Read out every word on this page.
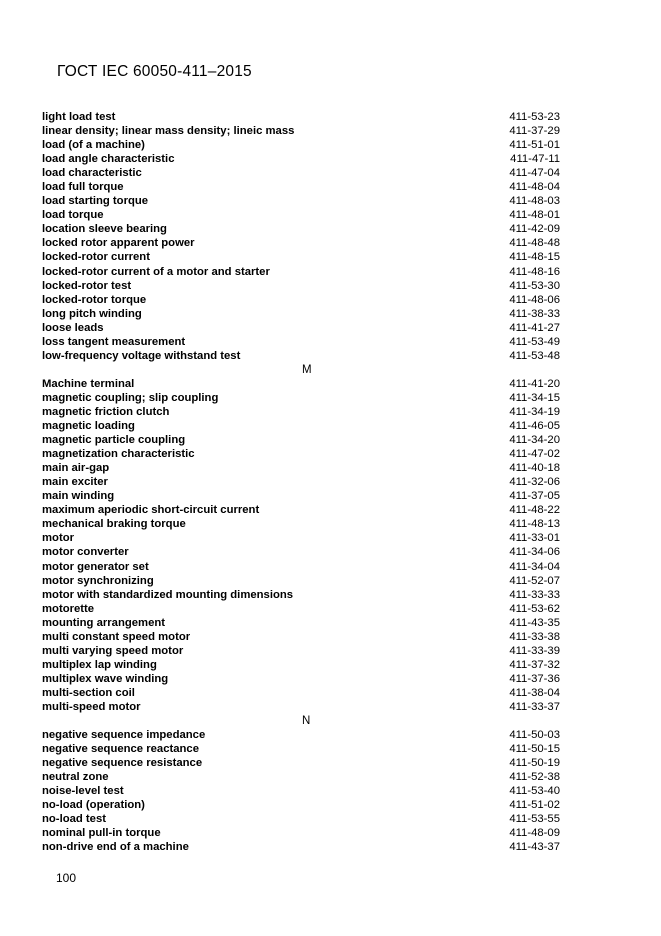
ГОСТ IEC 60050-411–2015
light load test	411-53-23
linear density; linear mass density; lineic mass	411-37-29
load (of a machine)	411-51-01
load angle characteristic	411-47-11
load characteristic	411-47-04
load full torque	411-48-04
load starting torque	411-48-03
load torque	411-48-01
location sleeve bearing	411-42-09
locked rotor apparent power	411-48-48
locked-rotor current	411-48-15
locked-rotor current of a motor and starter	411-48-16
locked-rotor test	411-53-30
locked-rotor torque	411-48-06
long pitch winding	411-38-33
loose leads	411-41-27
loss tangent measurement	411-53-49
low-frequency voltage withstand test	411-53-48
M
Machine terminal	411-41-20
magnetic coupling; slip coupling	411-34-15
magnetic friction clutch	411-34-19
magnetic loading	411-46-05
magnetic particle coupling	411-34-20
magnetization characteristic	411-47-02
main air-gap	411-40-18
main exciter	411-32-06
main winding	411-37-05
maximum aperiodic short-circuit current	411-48-22
mechanical braking torque	411-48-13
motor	411-33-01
motor converter	411-34-06
motor generator set	411-34-04
motor synchronizing	411-52-07
motor with standardized mounting dimensions	411-33-33
motorette	411-53-62
mounting arrangement	411-43-35
multi constant speed motor	411-33-38
multi varying speed motor	411-33-39
multiplex lap winding	411-37-32
multiplex wave winding	411-37-36
multi-section coil	411-38-04
multi-speed motor	411-33-37
N
negative sequence impedance	411-50-03
negative sequence reactance	411-50-15
negative sequence resistance	411-50-19
neutral zone	411-52-38
noise-level test	411-53-40
no-load (operation)	411-51-02
no-load test	411-53-55
nominal pull-in torque	411-48-09
non-drive end of a machine	411-43-37
100
